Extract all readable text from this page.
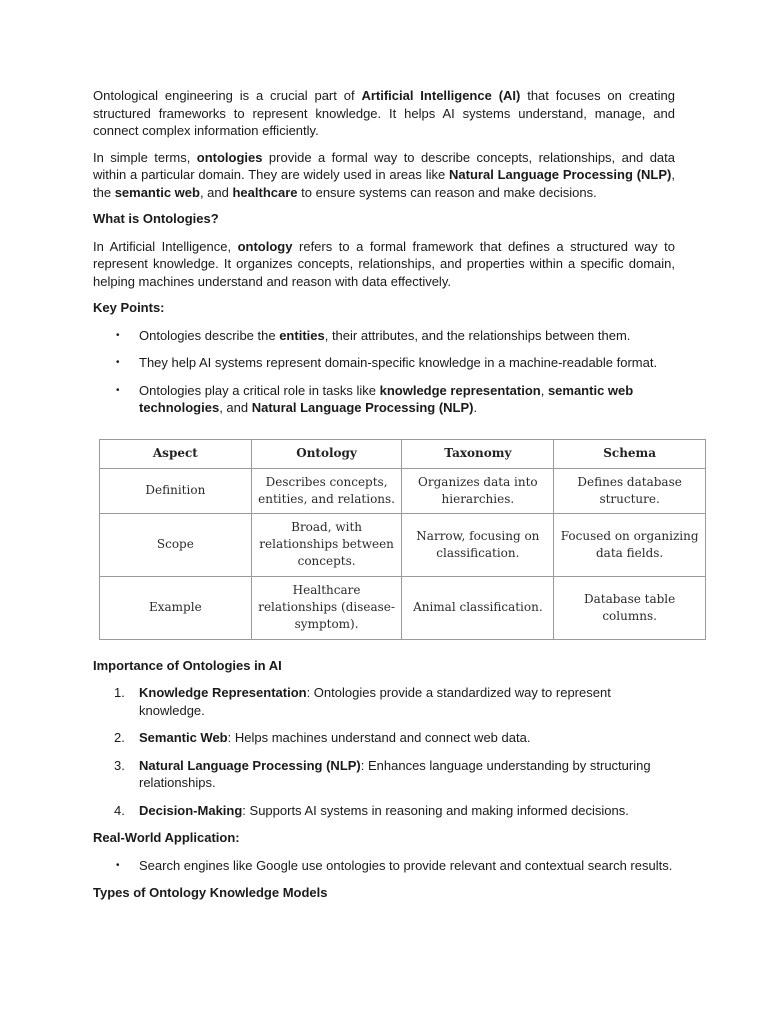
Ontological engineering is a crucial part of Artificial Intelligence (AI) that focuses on creating structured frameworks to represent knowledge. It helps AI systems understand, manage, and connect complex information efficiently.

In simple terms, ontologies provide a formal way to describe concepts, relationships, and data within a particular domain. They are widely used in areas like Natural Language Processing (NLP), the semantic web, and healthcare to ensure systems can reason and make decisions.

What is Ontologies?

In Artificial Intelligence, ontology refers to a formal framework that defines a structured way to represent knowledge. It organizes concepts, relationships, and properties within a specific domain, helping machines understand and reason with data effectively.

Key Points:

• Ontologies describe the entities, their attributes, and the relationships between them.
• They help AI systems represent domain-specific knowledge in a machine-readable format.
• Ontologies play a critical role in tasks like knowledge representation, semantic web technologies, and Natural Language Processing (NLP).
Aspect	Ontology	Taxonomy	Schema
Definition	Describes concepts, entities, and relations.	Organizes data into hierarchies.	Defines database structure.
Scope	Broad, with relationships between concepts.	Narrow, focusing on classification.	Focused on organizing data fields.
Example	Healthcare relationships (disease-symptom).	Animal classification.	Database table columns.

Importance of Ontologies in AI

1. Knowledge Representation: Ontologies provide a standardized way to represent knowledge.
2. Semantic Web: Helps machines understand and connect web data.
3. Natural Language Processing (NLP): Enhances language understanding by structuring relationships.
4. Decision-Making: Supports AI systems in reasoning and making informed decisions.

Real-World Application:

• Search engines like Google use ontologies to provide relevant and contextual search results.

Types of Ontology Knowledge Models
